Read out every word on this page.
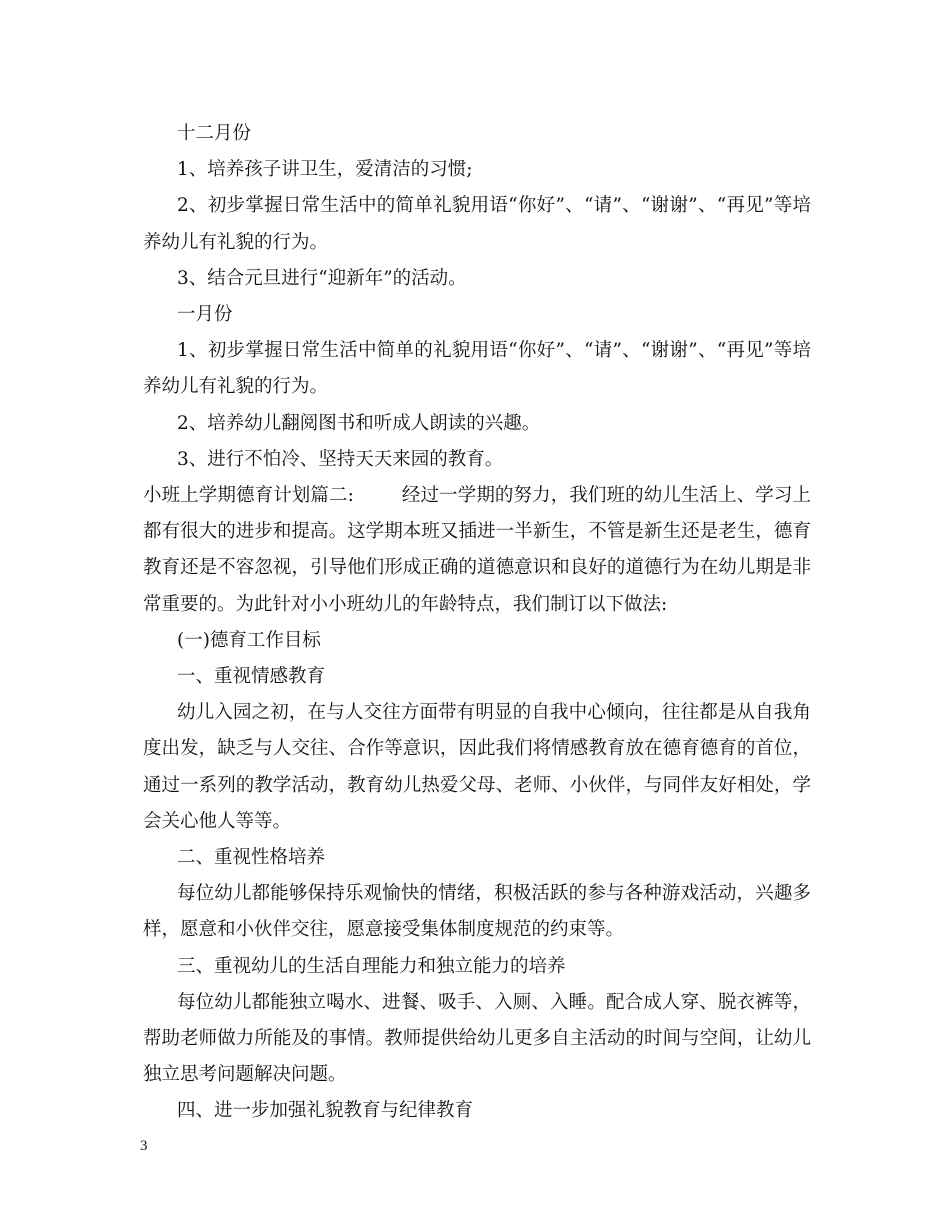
十二月份

1、培养孩子讲卫生，爱清洁的习惯;

2、初步掌握日常生活中的简单礼貌用语“你好”、“请”、“谢谢”、“再见”等培养幼儿有礼貌的行为。

3、结合元旦进行“迎新年”的活动。

一月份

1、初步掌握日常生活中简单的礼貌用语“你好”、“请”、“谢谢”、“再见”等培养幼儿有礼貌的行为。

2、培养幼儿翻阅图书和听成人朗读的兴趣。

3、进行不怕冷、坚持天天来园的教育。

小班上学期德育计划篇二:	经过一学期的努力，我们班的幼儿生活上、学习上都有很大的进步和提高。这学期本班又插进一半新生，不管是新生还是老生，德育教育还是不容忽视，引导他们形成正确的道德意识和良好的道德行为在幼儿期是非常重要的。为此针对小小班幼儿的年龄特点，我们制订以下做法:

(一)德育工作目标

一、重视情感教育

幼儿入园之初，在与人交往方面带有明显的自我中心倾向，往往都是从自我角度出发，缺乏与人交往、合作等意识，因此我们将情感教育放在德育德育的首位，通过一系列的教学活动，教育幼儿热爱父母、老师、小伙伴，与同伴友好相处，学会关心他人等等。

二、重视性格培养

每位幼儿都能够保持乐观愉快的情绪，积极活跃的参与各种游戏活动，兴趣多样，愿意和小伙伴交往，愿意接受集体制度规范的约束等。

三、重视幼儿的生活自理能力和独立能力的培养

每位幼儿都能独立喝水、进餐、吸手、入厕、入睡。配合成人穿、脱衣裤等，帮助老师做力所能及的事情。教师提供给幼儿更多自主活动的时间与空间，让幼儿独立思考问题解决问题。

四、进一步加强礼貌教育与纪律教育

3
